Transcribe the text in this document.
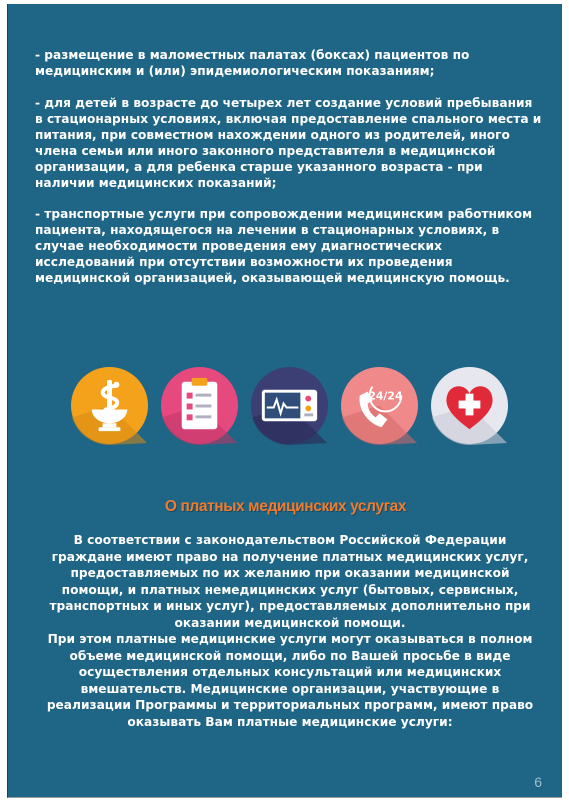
- размещение в маломестных палатах (боксах) пациентов по медицинским и (или) эпидемиологическим показаниям;

- для детей в возрасте до четырех лет создание условий пребывания в стационарных условиях, включая предоставление спального места и питания, при совместном нахождении одного из родителей, иного члена семьи или иного законного представителя в медицинской организации, а для ребенка старше указанного возраста - при наличии медицинских показаний;

- транспортные услуги при сопровождении медицинским работником пациента, находящегося на лечении в стационарных условиях, в случае необходимости проведения ему диагностических исследований при отсутствии возможности их проведения медицинской организацией, оказывающей медицинскую помощь.

24/24
О платных медицинских услугах

В соответствии с законодательством Российской Федерации граждане имеют право на получение платных медицинских услуг, предоставляемых по их желанию при оказании медицинской помощи, и платных немедицинских услуг (бытовых, сервисных, транспортных и иных услуг), предоставляемых дополнительно при оказании медицинской помощи.

При этом платные медицинские услуги могут оказываться в полном объеме медицинской помощи, либо по Вашей просьбе в виде осуществления отдельных консультаций или медицинских вмешательств. Медицинские организации, участвующие в реализации Программы и территориальных программ, имеют право оказывать Вам платные медицинские услуги:

6
